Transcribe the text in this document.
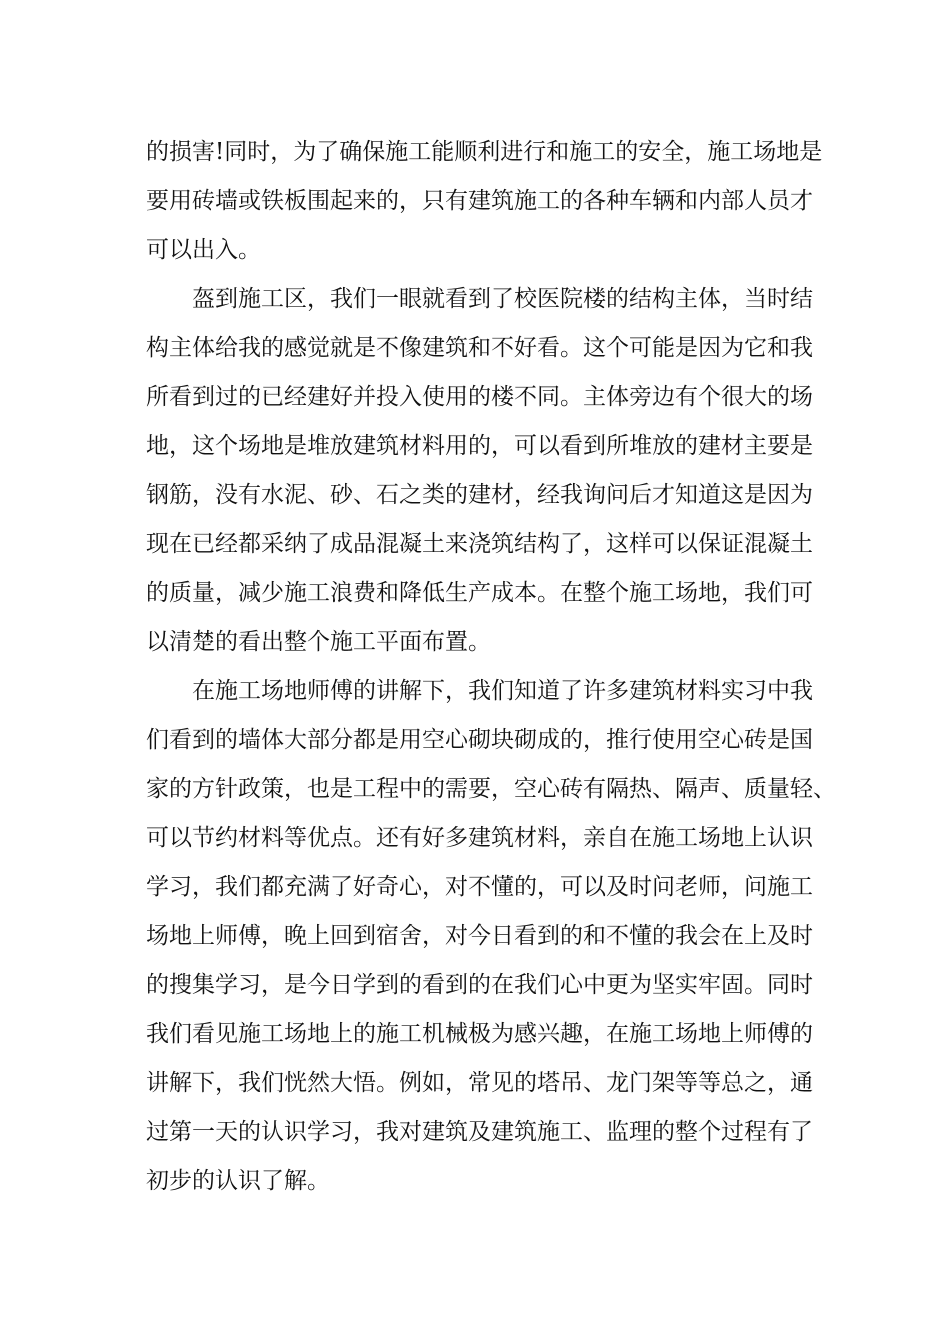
的损害!同时，为了确保施工能顺利进行和施工的安全，施工场地是
要用砖墙或铁板围起来的，只有建筑施工的各种车辆和内部人员才
可以出入。
盔到施工区，我们一眼就看到了校医院楼的结构主体，当时结
构主体给我的感觉就是不像建筑和不好看。这个可能是因为它和我
所看到过的已经建好并投入使用的楼不同。主体旁边有个很大的场
地，这个场地是堆放建筑材料用的，可以看到所堆放的建材主要是
钢筋，没有水泥、砂、石之类的建材，经我询问后才知道这是因为
现在已经都采纳了成品混凝土来浇筑结构了，这样可以保证混凝土
的质量，减少施工浪费和降低生产成本。在整个施工场地，我们可
以清楚的看出整个施工平面布置。
在施工场地师傅的讲解下，我们知道了许多建筑材料实习中我
们看到的墙体大部分都是用空心砌块砌成的，推行使用空心砖是国
家的方针政策，也是工程中的需要，空心砖有隔热、隔声、质量轻、
可以节约材料等优点。还有好多建筑材料，亲自在施工场地上认识
学习，我们都充满了好奇心，对不懂的，可以及时问老师，问施工
场地上师傅，晚上回到宿舍，对今日看到的和不懂的我会在上及时
的搜集学习，是今日学到的看到的在我们心中更为坚实牢固。同时
我们看见施工场地上的施工机械极为感兴趣，在施工场地上师傅的
讲解下，我们恍然大悟。例如，常见的塔吊、龙门架等等总之，通
过第一天的认识学习，我对建筑及建筑施工、监理的整个过程有了
初步的认识了解。
